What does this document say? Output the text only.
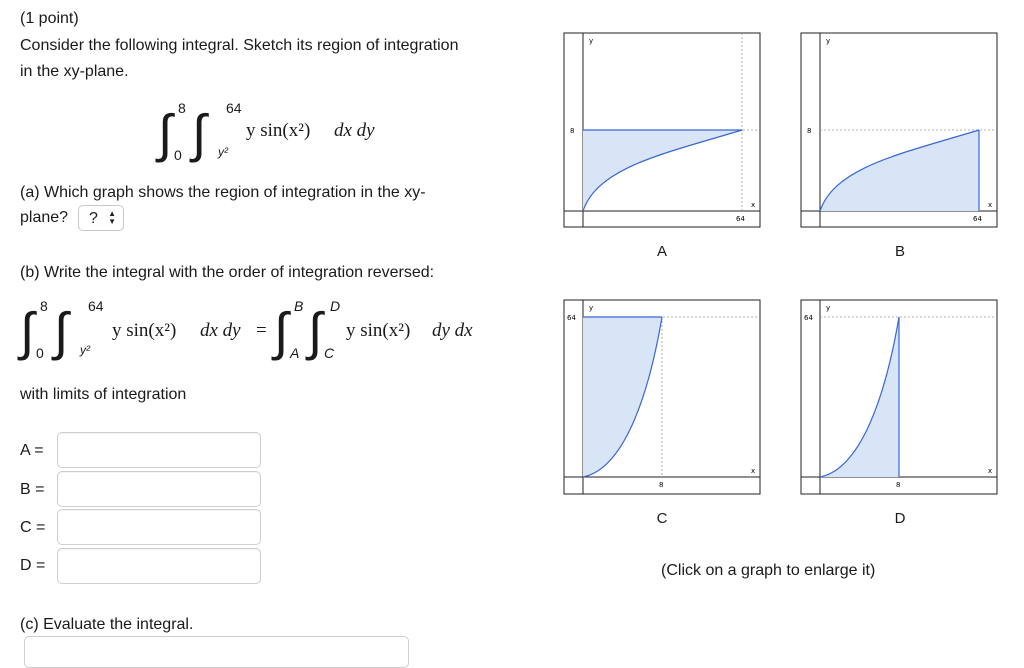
(1 point)
Consider the following integral. Sketch its region of integration
in the xy-plane.
∫ 8
0 ∫ 64
y²
y sin(x²) dx dy
(a) Which graph shows the region of integration in the xy-
plane?	? ▲
▼
(b) Write the integral with the order of integration reversed:
∫ 8
0 ∫ 64
y²
y sin(x²) dx dy = ∫ B
A ∫ D
C
y sin(x²) dy dx
with limits of integration
A =
B =
C =
D =
(c) Evaluate the integral.
y
8
x
64
A
y
8
x
64
B
y
64
x
8
C
y
64
x
8
D
(Click on a graph to enlarge it)
